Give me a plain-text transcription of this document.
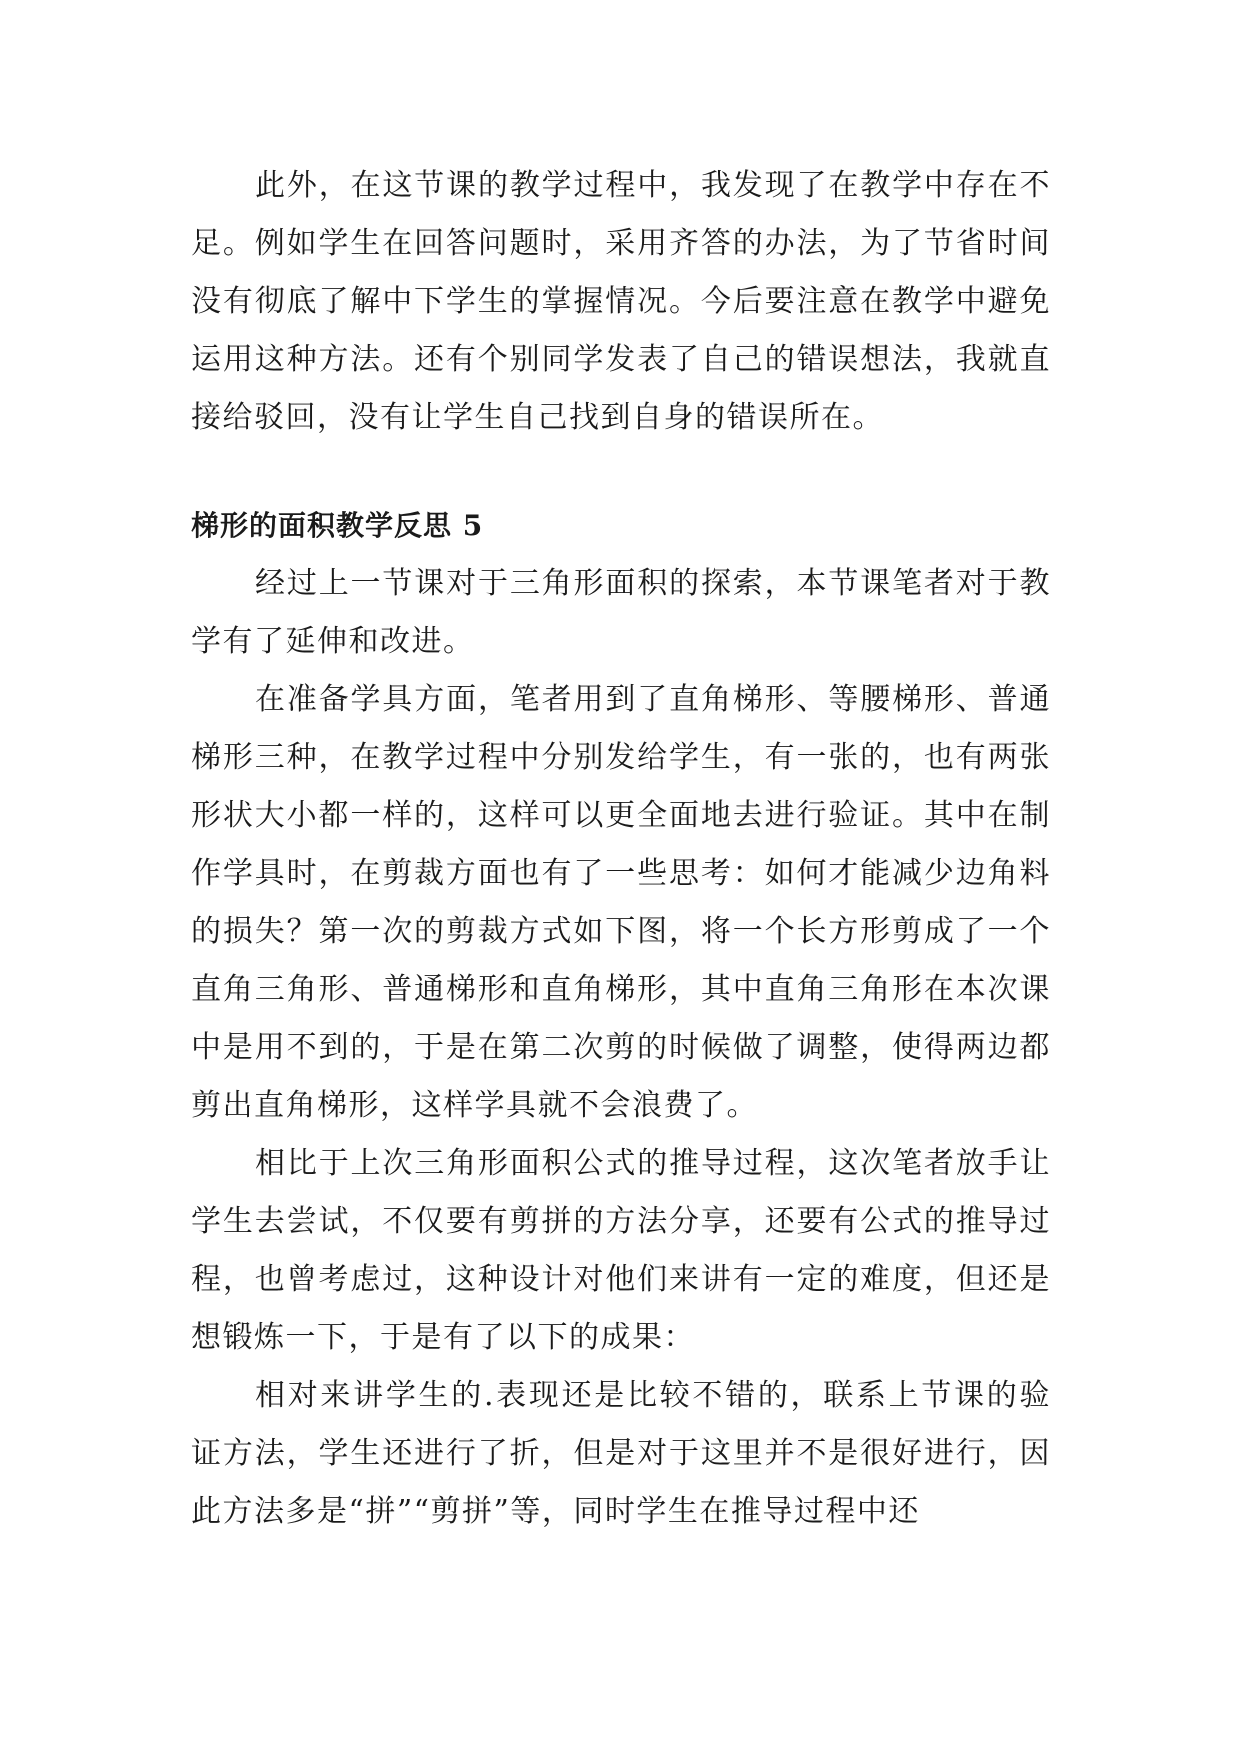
此外，在这节课的教学过程中，我发现了在教学中存在不足。例如学生在回答问题时，采用齐答的办法，为了节省时间没有彻底了解中下学生的掌握情况。今后要注意在教学中避免运用这种方法。还有个别同学发表了自己的错误想法，我就直接给驳回，没有让学生自己找到自身的错误所在。

梯形的面积教学反思 5

经过上一节课对于三角形面积的探索，本节课笔者对于教学有了延伸和改进。

在准备学具方面，笔者用到了直角梯形、等腰梯形、普通梯形三种，在教学过程中分别发给学生，有一张的，也有两张形状大小都一样的，这样可以更全面地去进行验证。其中在制作学具时，在剪裁方面也有了一些思考：如何才能减少边角料的损失？第一次的剪裁方式如下图，将一个长方形剪成了一个直角三角形、普通梯形和直角梯形，其中直角三角形在本次课中是用不到的，于是在第二次剪的时候做了调整，使得两边都剪出直角梯形，这样学具就不会浪费了。

相比于上次三角形面积公式的推导过程，这次笔者放手让学生去尝试，不仅要有剪拼的方法分享，还要有公式的推导过程，也曾考虑过，这种设计对他们来讲有一定的难度，但还是想锻炼一下，于是有了以下的成果：

相对来讲学生的.表现还是比较不错的，联系上节课的验证方法，学生还进行了折，但是对于这里并不是很好进行，因此方法多是“拼”“剪拼”等，同时学生在推导过程中还
